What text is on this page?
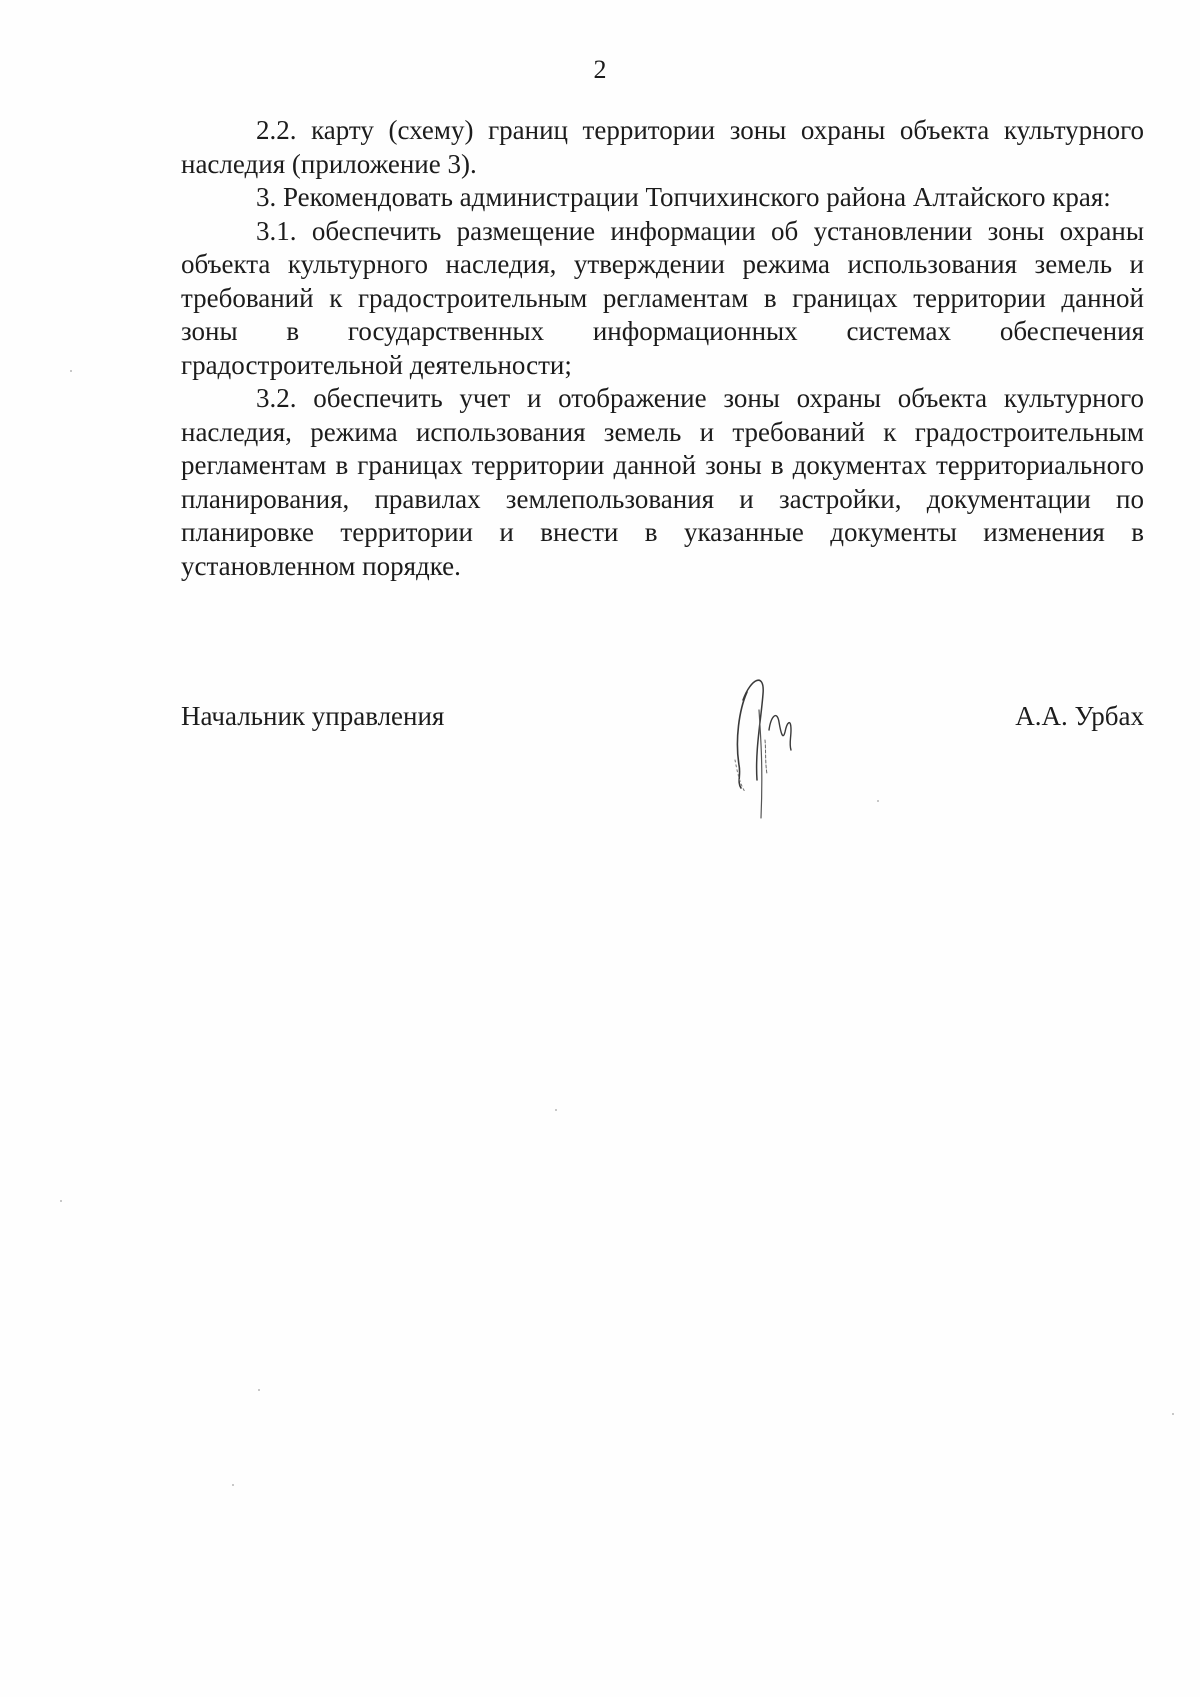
2

2.2. карту (схему) границ территории зоны охраны объекта культурного наследия (приложение 3).

3. Рекомендовать администрации Топчихинского района Алтайского края:

3.1. обеспечить размещение информации об установлении зоны охраны объекта культурного наследия, утверждении режима использования земель и требований к градостроительным регламентам в границах территории данной зоны в государственных информационных системах обеспечения градостроительной деятельности;

3.2. обеспечить учет и отображение зоны охраны объекта культурного наследия, режима использования земель и требований к градостроительным регламентам в границах территории данной зоны в документах территориального планирования, правилах землепользования и застройки, документации по планировке территории и внести в указанные документы изменения в установленном порядке.

Начальник управления	А.А. Урбах
